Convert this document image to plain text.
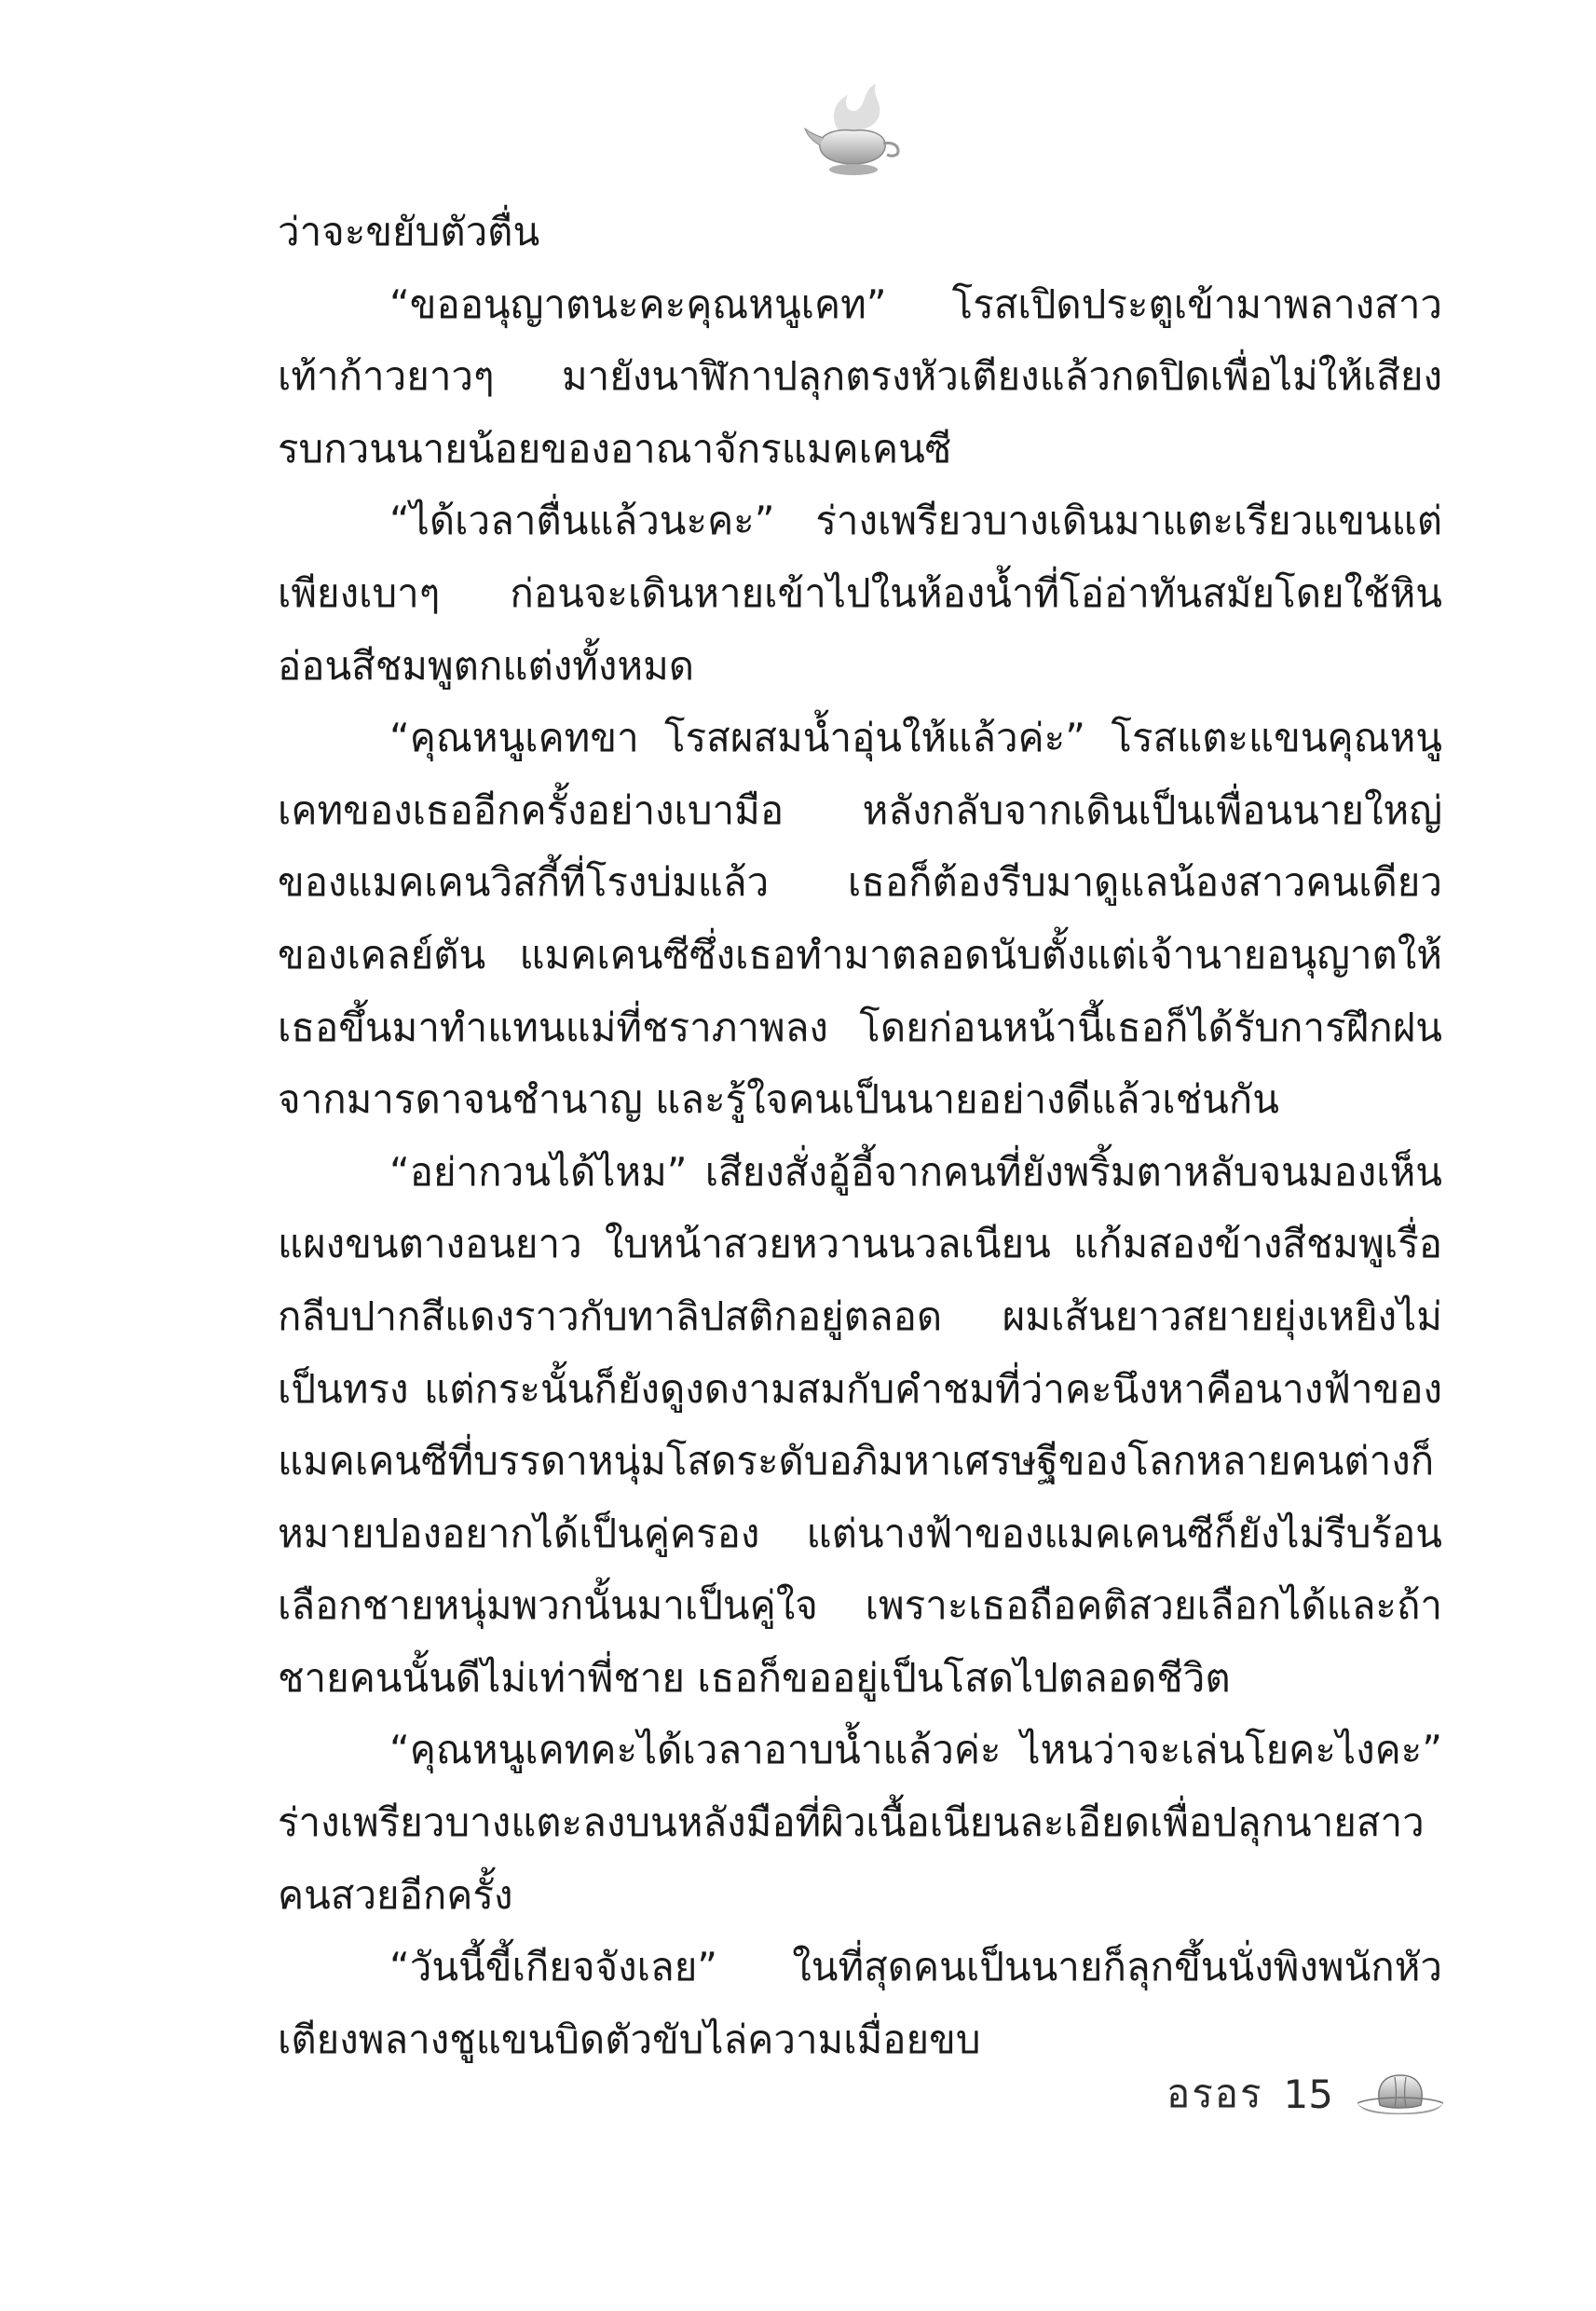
ว่าจะขยับตัวตื่น

“ขออนุญาตนะคะคุณหนูเคท” โรสเปิดประตูเข้ามาพลางสาวเท้าก้าวยาวๆ มายังนาฬิกาปลุกตรงหัวเตียงแล้วกดปิดเพื่อไม่ให้เสียงรบกวนนายน้อยของอาณาจักรแมคเคนซี

“ได้เวลาตื่นแล้วนะคะ” ร่างเพรียวบางเดินมาแตะเรียวแขนแต่เพียงเบาๆ ก่อนจะเดินหายเข้าไปในห้องน้ำที่โอ่อ่าทันสมัยโดยใช้หินอ่อนสีชมพูตกแต่งทั้งหมด

“คุณหนูเคทขา โรสผสมน้ำอุ่นให้แล้วค่ะ” โรสแตะแขนคุณหนูเคทของเธออีกครั้งอย่างเบามือ หลังกลับจากเดินเป็นเพื่อนนายใหญ่ของแมคเคนวิสกี้ที่โรงบ่มแล้ว เธอก็ต้องรีบมาดูแลน้องสาวคนเดียวของเคลย์ตัน แมคเคนซีซึ่งเธอทำมาตลอดนับตั้งแต่เจ้านายอนุญาตให้เธอขึ้นมาทำแทนแม่ที่ชราภาพลง โดยก่อนหน้านี้เธอก็ได้รับการฝึกฝนจากมารดาจนชำนาญ และรู้ใจคนเป็นนายอย่างดีแล้วเช่นกัน

“อย่ากวนได้ไหม” เสียงสั่งอู้อี้จากคนที่ยังพริ้มตาหลับจนมองเห็นแผงขนตางอนยาว ใบหน้าสวยหวานนวลเนียน แก้มสองข้างสีชมพูเรื่อกลีบปากสีแดงราวกับทาลิปสติกอยู่ตลอด ผมเส้นยาวสยายยุ่งเหยิงไม่เป็นทรง แต่กระนั้นก็ยังดูงดงามสมกับคำชมที่ว่าคะนึงหาคือนางฟ้าของแมคเคนซีที่บรรดาหนุ่มโสดระดับอภิมหาเศรษฐีของโลกหลายคนต่างก็หมายปองอยากได้เป็นคู่ครอง แต่นางฟ้าของแมคเคนซีก็ยังไม่รีบร้อนเลือกชายหนุ่มพวกนั้นมาเป็นคู่ใจ เพราะเธอถือคติสวยเลือกได้และถ้าชายคนนั้นดีไม่เท่าพี่ชาย เธอก็ขออยู่เป็นโสดไปตลอดชีวิต

“คุณหนูเคทคะได้เวลาอาบน้ำแล้วค่ะ ไหนว่าจะเล่นโยคะไงคะ” ร่างเพรียวบางแตะลงบนหลังมือที่ผิวเนื้อเนียนละเอียดเพื่อปลุกนายสาวคนสวยอีกครั้ง

“วันนี้ขี้เกียจจังเลย” ในที่สุดคนเป็นนายก็ลุกขึ้นนั่งพิงพนักหัวเตียงพลางชูแขนบิดตัวขับไล่ความเมื่อยขบ

อรอร 15
